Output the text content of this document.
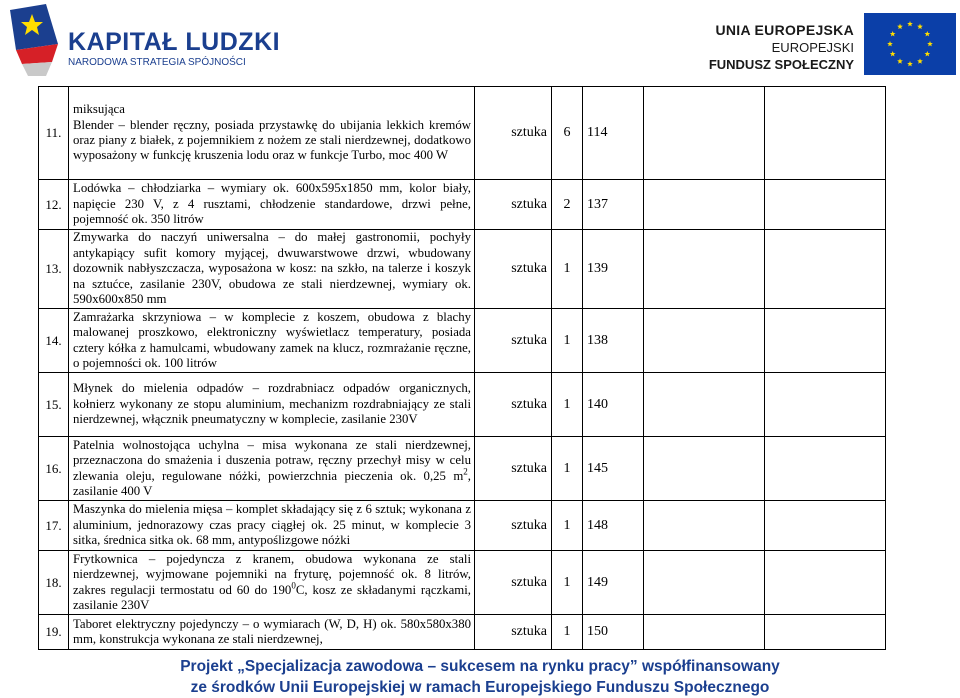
KAPITAŁ LUDZKI
NARODOWA STRATEGIA SPÓJNOŚCI
UNIA EUROPEJSKA
EUROPEJSKI
FUNDUSZ SPOŁECZNY
11.	miksująca
Blender – blender ręczny, posiada przystawkę do ubijania lekkich kremów oraz piany z białek, z pojemnikiem z nożem ze stali nierdzewnej, dodatkowo wyposażony w funkcję kruszenia lodu oraz w funkcje Turbo, moc 400 W	sztuka	6	114		
12.	Lodówka – chłodziarka – wymiary ok. 600x595x1850 mm, kolor biały, napięcie 230 V, z 4 rusztami, chłodzenie standardowe, drzwi pełne, pojemność ok. 350 litrów	sztuka	2	137		
13.	Zmywarka do naczyń uniwersalna – do małej gastronomii, pochyły antykapiący sufit komory myjącej, dwuwarstwowe drzwi, wbudowany dozownik nabłyszczacza, wyposażona w kosz: na szkło, na talerze i koszyk na sztućce, zasilanie 230V, obudowa ze stali nierdzewnej, wymiary ok. 590x600x850 mm	sztuka	1	139		
14.	Zamrażarka skrzyniowa – w komplecie z koszem, obudowa z blachy malowanej proszkowo, elektroniczny wyświetlacz temperatury, posiada cztery kółka z hamulcami, wbudowany zamek na klucz, rozmrażanie ręczne, o pojemności ok. 100 litrów	sztuka	1	138		
15.	Młynek do mielenia odpadów – rozdrabniacz odpadów organicznych, kołnierz wykonany ze stopu aluminium, mechanizm rozdrabniający ze stali nierdzewnej, włącznik pneumatyczny w komplecie, zasilanie 230V	sztuka	1	140		
16.	Patelnia wolnostojąca uchylna – misa wykonana ze stali nierdzewnej, przeznaczona do smażenia i duszenia potraw, ręczny przechył misy w celu zlewania oleju, regulowane nóżki, powierzchnia pieczenia ok. 0,25 $m^2$, zasilanie 400 V	sztuka	1	145		
17.	Maszynka do mielenia mięsa – komplet składający się z 6 sztuk; wykonana z aluminium, jednorazowy czas pracy ciągłej ok. 25 minut, w komplecie 3 sitka, średnica sitka ok. 68 mm, antypoślizgowe nóżki	sztuka	1	148		
18.	Frytkownica – pojedyncza z kranem, obudowa wykonana ze stali nierdzewnej, wyjmowane pojemniki na fryturę, pojemność ok. 8 litrów, zakres regulacji termostatu od 60 do $190^0C$, kosz ze składanymi rączkami, zasilanie 230V	sztuka	1	149		
19.	Taboret elektryczny pojedynczy – o wymiarach (W, D, H) ok. 580x580x380 mm, konstrukcja wykonana ze stali nierdzewnej,	sztuka	1	150		
Projekt „Specjalizacja zawodowa – sukcesem na rynku pracy” współfinansowany
ze środków Unii Europejskiej w ramach Europejskiego Funduszu Społecznego
